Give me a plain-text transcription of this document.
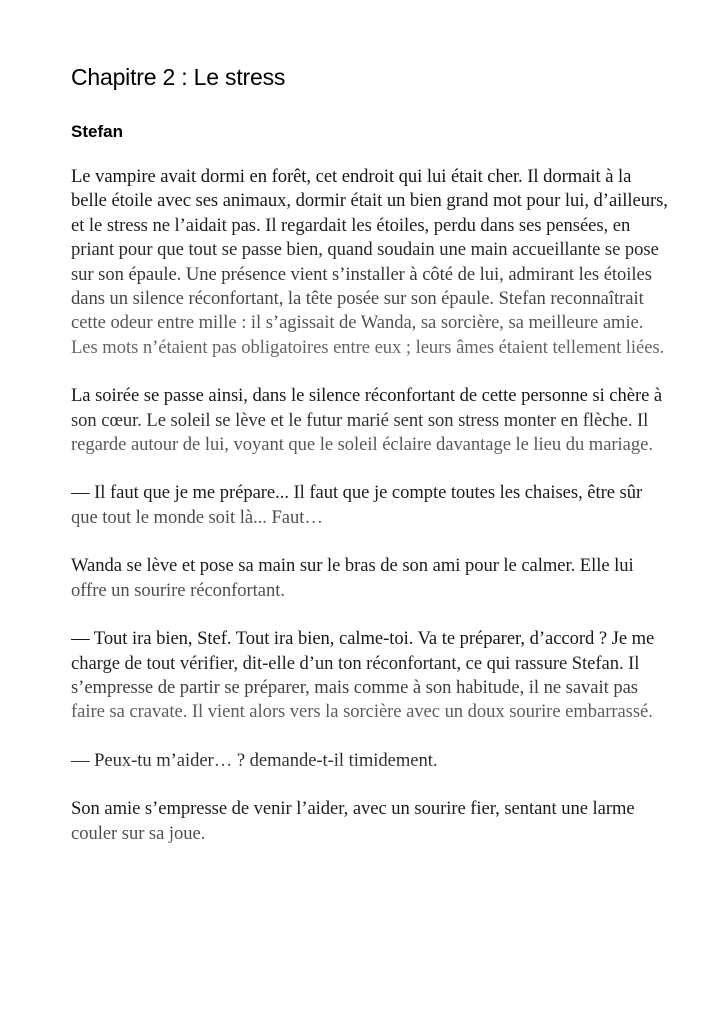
Chapitre 2 : Le stress
Stefan

Le vampire avait dormi en forêt, cet endroit qui lui était cher. Il dormait à la belle étoile avec ses animaux, dormir était un bien grand mot pour lui, d’ailleurs, et le stress ne l’aidait pas. Il regardait les étoiles, perdu dans ses pensées, en priant pour que tout se passe bien, quand soudain une main accueillante se pose sur son épaule. Une présence vient s’installer à côté de lui, admirant les étoiles dans un silence réconfortant, la tête posée sur son épaule. Stefan reconnaîtrait cette odeur entre mille : il s’agissait de Wanda, sa sorcière, sa meilleure amie. Les mots n’étaient pas obligatoires entre eux ; leurs âmes étaient tellement liées.

La soirée se passe ainsi, dans le silence réconfortant de cette personne si chère à son cœur. Le soleil se lève et le futur marié sent son stress monter en flèche. Il regarde autour de lui, voyant que le soleil éclaire davantage le lieu du mariage.

— Il faut que je me prépare... Il faut que je compte toutes les chaises, être sûr que tout le monde soit là... Faut…

Wanda se lève et pose sa main sur le bras de son ami pour le calmer. Elle lui offre un sourire réconfortant.

— Tout ira bien, Stef. Tout ira bien, calme-toi. Va te préparer, d’accord ? Je me charge de tout vérifier, dit-elle d’un ton réconfortant, ce qui rassure Stefan. Il s’empresse de partir se préparer, mais comme à son habitude, il ne savait pas faire sa cravate. Il vient alors vers la sorcière avec un doux sourire embarrassé.

— Peux-tu m’aider… ? demande-t-il timidement.

Son amie s’empresse de venir l’aider, avec un sourire fier, sentant une larme couler sur sa joue.
